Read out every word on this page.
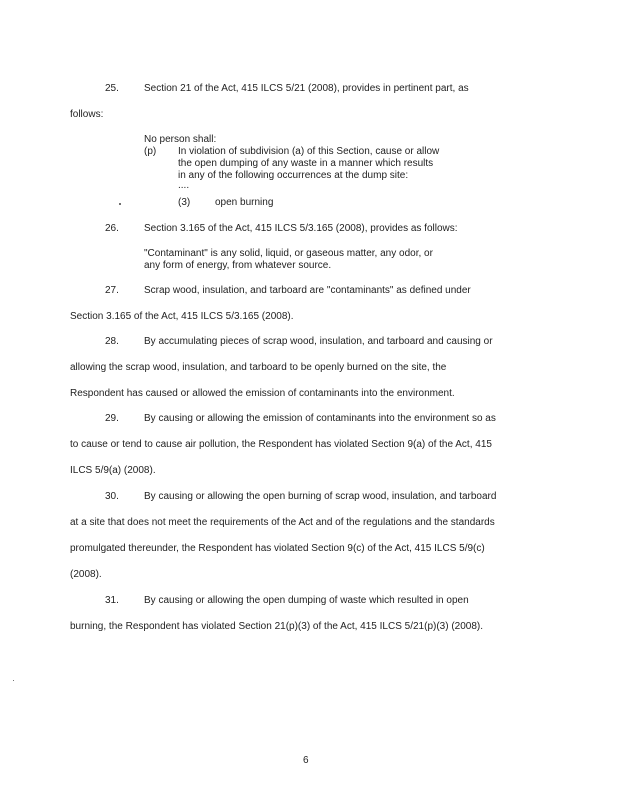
25.	Section 21 of the Act, 415 ILCS 5/21 (2008), provides in pertinent part, as
follows:
No person shall:
(p) In violation of subdivision (a) of this Section, cause or allow
the open dumping of any waste in a manner which results
in any of the following occurrences at the dump site:
....
(3) open burning
26.	Section 3.165 of the Act, 415 ILCS 5/3.165 (2008), provides as follows:
"Contaminant" is any solid, liquid, or gaseous matter, any odor, or
any form of energy, from whatever source.
27.	Scrap wood, insulation, and tarboard are "contaminants" as defined under
Section 3.165 of the Act, 415 ILCS 5/3.165 (2008).
28.	By accumulating pieces of scrap wood, insulation, and tarboard and causing or
allowing the scrap wood, insulation, and tarboard to be openly burned on the site, the
Respondent has caused or allowed the emission of contaminants into the environment.
29.	By causing or allowing the emission of contaminants into the environment so as
to cause or tend to cause air pollution, the Respondent has violated Section 9(a) of the Act, 415
ILCS 5/9(a) (2008).
30.	By causing or allowing the open burning of scrap wood, insulation, and tarboard
at a site that does not meet the requirements of the Act and of the regulations and the standards
promulgated thereunder, the Respondent has violated Section 9(c) of the Act, 415 ILCS 5/9(c)
(2008).
31.	By causing or allowing the open dumping of waste which resulted in open
burning, the Respondent has violated Section 21(p)(3) of the Act, 415 ILCS 5/21(p)(3) (2008).
6
